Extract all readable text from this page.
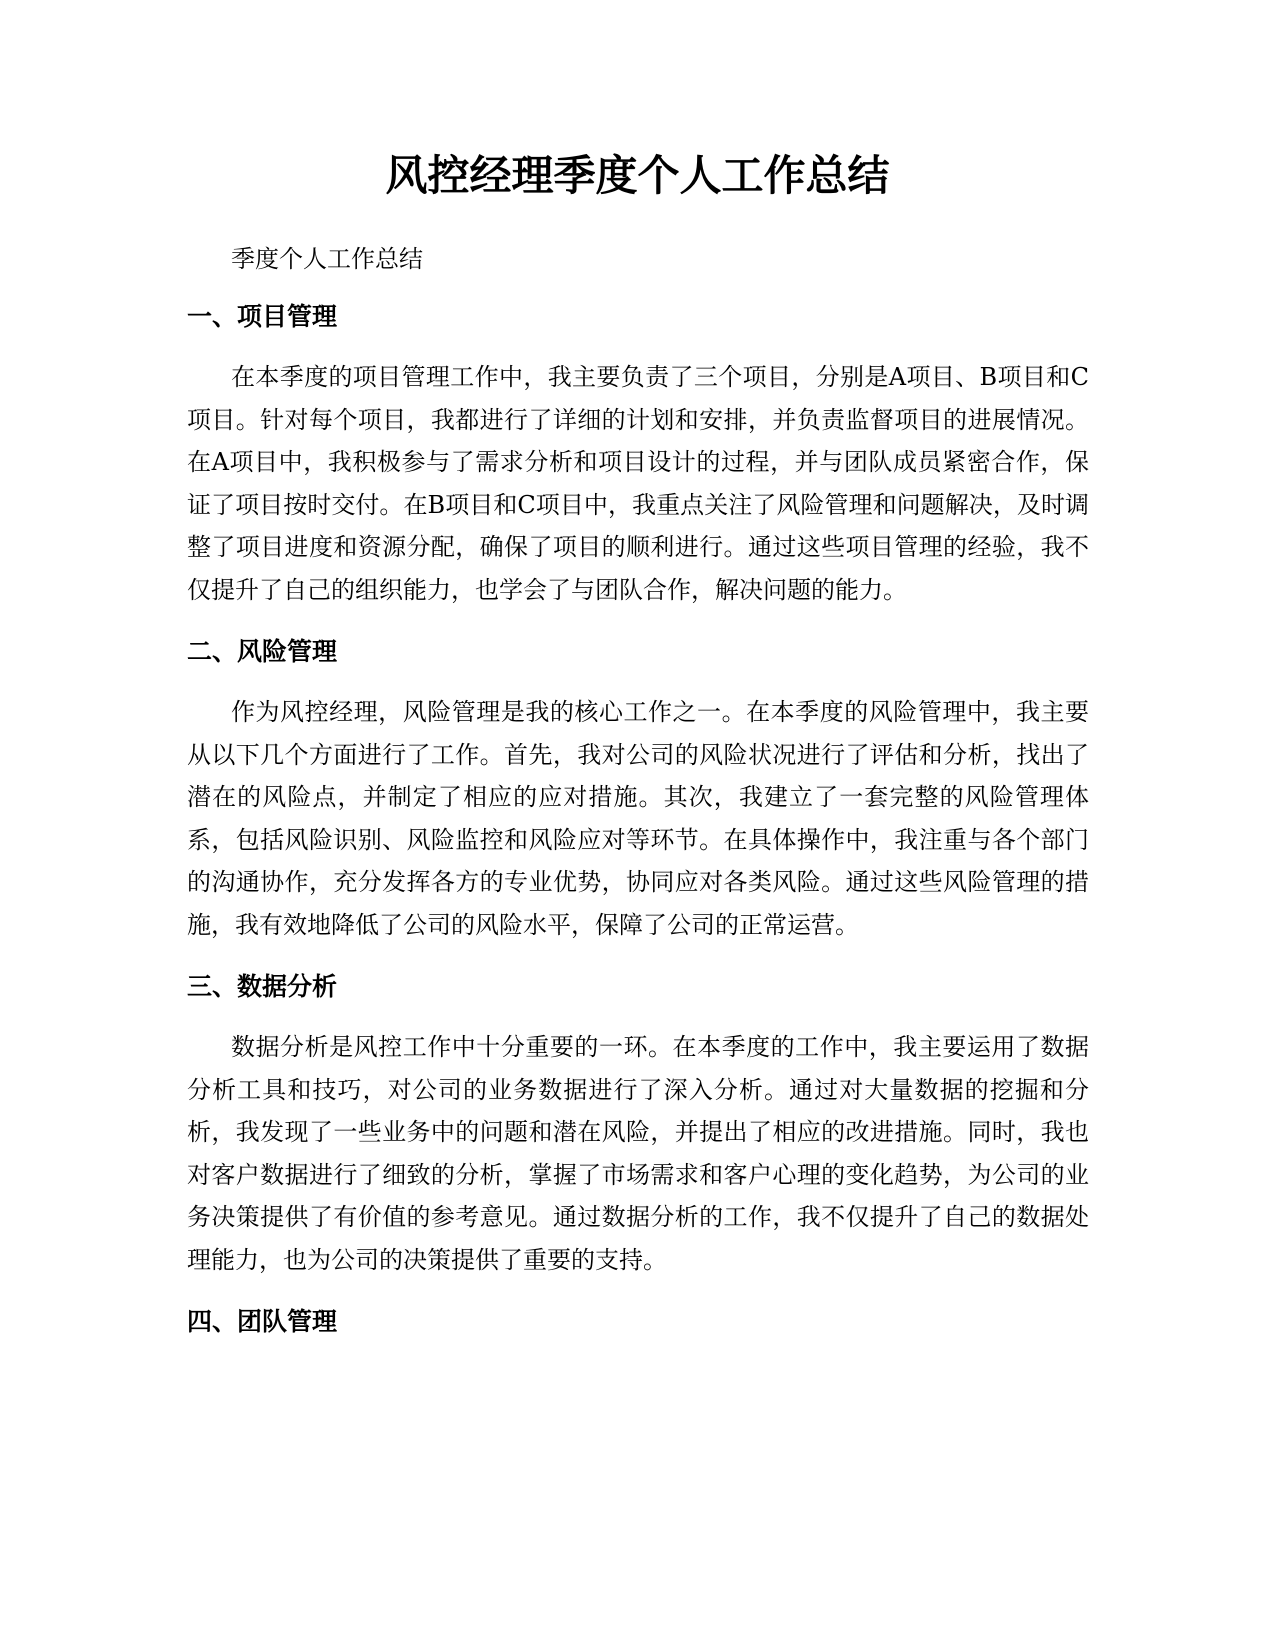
风控经理季度个人工作总结

季度个人工作总结

一、项目管理

在本季度的项目管理工作中，我主要负责了三个项目，分别是A项目、B项目和C项目。针对每个项目，我都进行了详细的计划和安排，并负责监督项目的进展情况。在A项目中，我积极参与了需求分析和项目设计的过程，并与团队成员紧密合作，保证了项目按时交付。在B项目和C项目中，我重点关注了风险管理和问题解决，及时调整了项目进度和资源分配，确保了项目的顺利进行。通过这些项目管理的经验，我不仅提升了自己的组织能力，也学会了与团队合作，解决问题的能力。

二、风险管理

作为风控经理，风险管理是我的核心工作之一。在本季度的风险管理中，我主要从以下几个方面进行了工作。首先，我对公司的风险状况进行了评估和分析，找出了潜在的风险点，并制定了相应的应对措施。其次，我建立了一套完整的风险管理体系，包括风险识别、风险监控和风险应对等环节。在具体操作中，我注重与各个部门的沟通协作，充分发挥各方的专业优势，协同应对各类风险。通过这些风险管理的措施，我有效地降低了公司的风险水平，保障了公司的正常运营。

三、数据分析

数据分析是风控工作中十分重要的一环。在本季度的工作中，我主要运用了数据分析工具和技巧，对公司的业务数据进行了深入分析。通过对大量数据的挖掘和分析，我发现了一些业务中的问题和潜在风险，并提出了相应的改进措施。同时，我也对客户数据进行了细致的分析，掌握了市场需求和客户心理的变化趋势，为公司的业务决策提供了有价值的参考意见。通过数据分析的工作，我不仅提升了自己的数据处理能力，也为公司的决策提供了重要的支持。

四、团队管理
